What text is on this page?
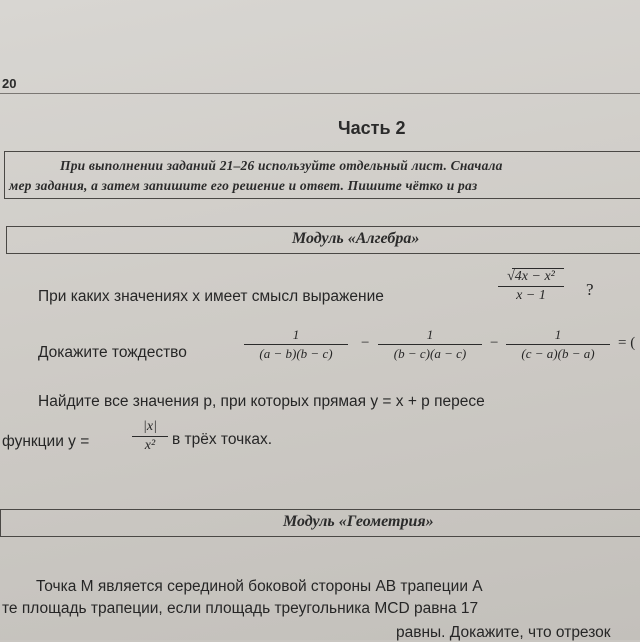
20
Часть 2
При выполнении заданий 21–26 используйте отдельный лист. Сначала
мер задания, а затем запишите его решение и ответ. Пишите чётко и раз
Модуль «Алгебра»
При каких значениях x имеет смысл выражение
√4x − x²
x − 1	?
Докажите тождество
1
(a − b)(b − c)
−
1
(b − c)(a − c)
−
1
(c − a)(b − a)
= (
Найдите все значения p, при которых прямая y = x + p пересе
функции y =
|x|
x²	в трёх точках.
Модуль «Геометрия»
Точка M является серединой боковой стороны AB трапеции A
те площадь трапеции, если площадь треугольника MCD равна 17
равны. Докажите, что отрезок
